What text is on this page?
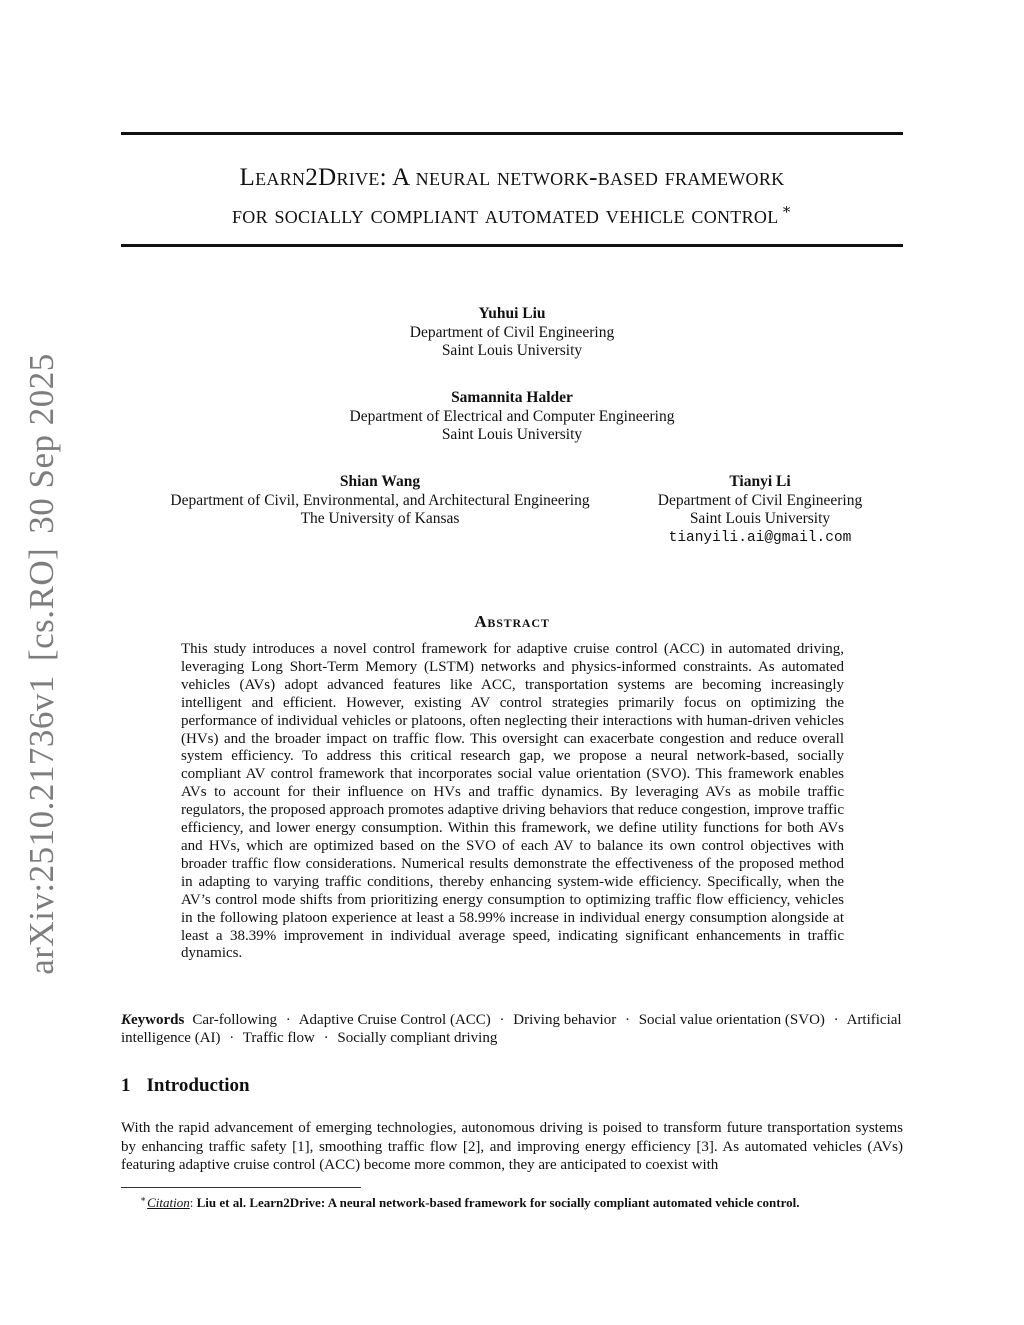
arXiv:2510.21736v1[cs.RO]30 Sep 2025
Learn2Drive: A neural network-based framework
for socially compliant automated vehicle control ∗
Yuhui Liu
Department of Civil Engineering
Saint Louis University
Samannita Halder
Department of Electrical and Computer Engineering
Saint Louis University
Shian Wang
Department of Civil, Environmental, and Architectural Engineering
The University of Kansas
Tianyi Li
Department of Civil Engineering
Saint Louis University
tianyili.ai@gmail.com
Abstract
This study introduces a novel control framework for adaptive cruise control (ACC) in automated driving, leveraging Long Short-Term Memory (LSTM) networks and physics-informed constraints. As automated vehicles (AVs) adopt advanced features like ACC, transportation systems are becoming increasingly intelligent and efficient. However, existing AV control strategies primarily focus on optimizing the performance of individual vehicles or platoons, often neglecting their interactions with human-driven vehicles (HVs) and the broader impact on traffic flow. This oversight can exacerbate congestion and reduce overall system efficiency. To address this critical research gap, we propose a neural network-based, socially compliant AV control framework that incorporates social value orientation (SVO). This framework enables AVs to account for their influence on HVs and traffic dynamics. By leveraging AVs as mobile traffic regulators, the proposed approach promotes adaptive driving behaviors that reduce congestion, improve traffic efficiency, and lower energy consumption. Within this framework, we define utility functions for both AVs and HVs, which are optimized based on the SVO of each AV to balance its own control objectives with broader traffic flow considerations. Numerical results demonstrate the effectiveness of the proposed method in adapting to varying traffic conditions, thereby enhancing system-wide efficiency. Specifically, when the AV’s control mode shifts from prioritizing energy consumption to optimizing traffic flow efficiency, vehicles in the following platoon experience at least a 58.99% increase in individual energy consumption alongside at least a 38.39% improvement in individual average speed, indicating significant enhancements in traffic dynamics.
Keywords Car-following · Adaptive Cruise Control (ACC) · Driving behavior · Social value orientation (SVO) · Artificial intelligence (AI) · Traffic flow · Socially compliant driving
1 Introduction
With the rapid advancement of emerging technologies, autonomous driving is poised to transform future transportation systems by enhancing traffic safety [1], smoothing traffic flow [2], and improving energy efficiency [3]. As automated vehicles (AVs) featuring adaptive cruise control (ACC) become more common, they are anticipated to coexist with
∗Citation: Liu et al. Learn2Drive: A neural network-based framework for socially compliant automated vehicle control.
